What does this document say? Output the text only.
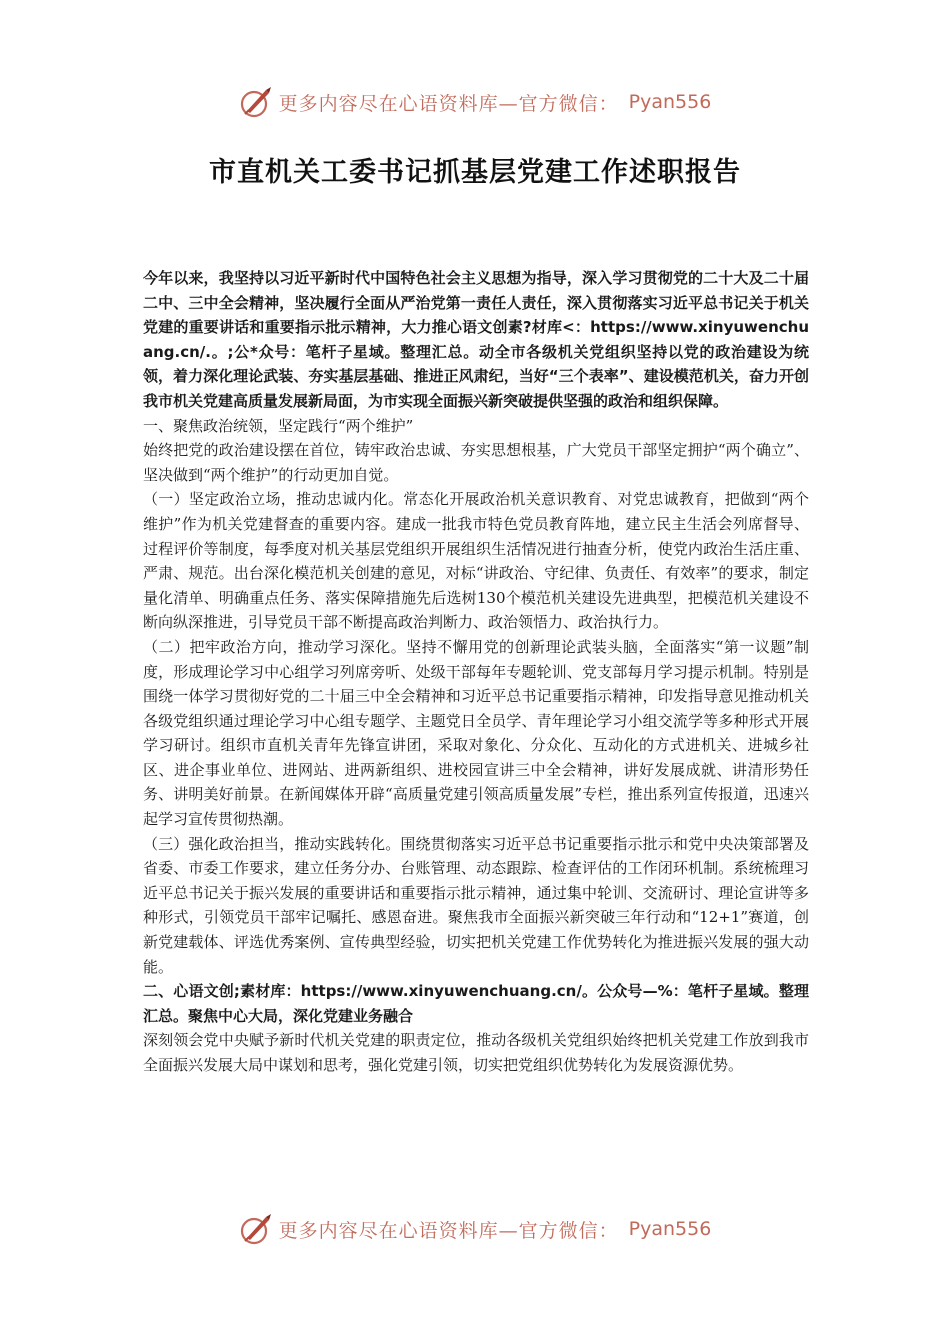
更多内容尽在心语资料库—官方微信： Pyan556
市直机关工委书记抓基层党建工作述职报告

今年以来，我坚持以习近平新时代中国特色社会主义思想为指导，深入学习贯彻党的二十大及二十届二中、三中全会精神，坚决履行全面从严治党第一责任人责任，深入贯彻落实习近平总书记关于机关党建的重要讲话和重要指示批示精神，大力推心语文创素?材库<：https://www.xinyuwenchuang.cn/.。;公*众号：笔杆子星域。整理汇总。动全市各级机关党组织坚持以党的政治建设为统领，着力深化理论武装、夯实基层基础、推进正风肃纪，当好“三个表率”、建设模范机关，奋力开创我市机关党建高质量发展新局面，为市实现全面振兴新突破提供坚强的政治和组织保障。

一、聚焦政治统领，坚定践行“两个维护”

始终把党的政治建设摆在首位，铸牢政治忠诚、夯实思想根基，广大党员干部坚定拥护“两个确立”、坚决做到“两个维护”的行动更加自觉。

（一）坚定政治立场，推动忠诚内化。常态化开展政治机关意识教育、对党忠诚教育，把做到“两个维护”作为机关党建督查的重要内容。建成一批我市特色党员教育阵地，建立民主生活会列席督导、过程评价等制度，每季度对机关基层党组织开展组织生活情况进行抽查分析，使党内政治生活庄重、严肃、规范。出台深化模范机关创建的意见，对标“讲政治、守纪律、负责任、有效率”的要求，制定量化清单、明确重点任务、落实保障措施先后选树130个模范机关建设先进典型，把模范机关建设不断向纵深推进，引导党员干部不断提高政治判断力、政治领悟力、政治执行力。

（二）把牢政治方向，推动学习深化。坚持不懈用党的创新理论武装头脑，全面落实“第一议题”制度，形成理论学习中心组学习列席旁听、处级干部每年专题轮训、党支部每月学习提示机制。特别是围绕一体学习贯彻好党的二十届三中全会精神和习近平总书记重要指示精神，印发指导意见推动机关各级党组织通过理论学习中心组专题学、主题党日全员学、青年理论学习小组交流学等多种形式开展学习研讨。组织市直机关青年先锋宣讲团，采取对象化、分众化、互动化的方式进机关、进城乡社区、进企事业单位、进网站、进两新组织、进校园宣讲三中全会精神，讲好发展成就、讲清形势任务、讲明美好前景。在新闻媒体开辟“高质量党建引领高质量发展”专栏，推出系列宣传报道，迅速兴起学习宣传贯彻热潮。

（三）强化政治担当，推动实践转化。围绕贯彻落实习近平总书记重要指示批示和党中央决策部署及省委、市委工作要求，建立任务分办、台账管理、动态跟踪、检查评估的工作闭环机制。系统梳理习近平总书记关于振兴发展的重要讲话和重要指示批示精神，通过集中轮训、交流研讨、理论宣讲等多种形式，引领党员干部牢记嘱托、感恩奋进。聚焦我市全面振兴新突破三年行动和“12+1”赛道，创新党建载体、评选优秀案例、宣传典型经验，切实把机关党建工作优势转化为推进振兴发展的强大动能。

二、心语文创;素材库：https://www.xinyuwenchuang.cn/。公众号—%：笔杆子星域。整理汇总。聚焦中心大局，深化党建业务融合

深刻领会党中央赋予新时代机关党建的职责定位，推动各级机关党组织始终把机关党建工作放到我市全面振兴发展大局中谋划和思考，强化党建引领，切实把党组织优势转化为发展资源优势。

更多内容尽在心语资料库—官方微信： Pyan556
